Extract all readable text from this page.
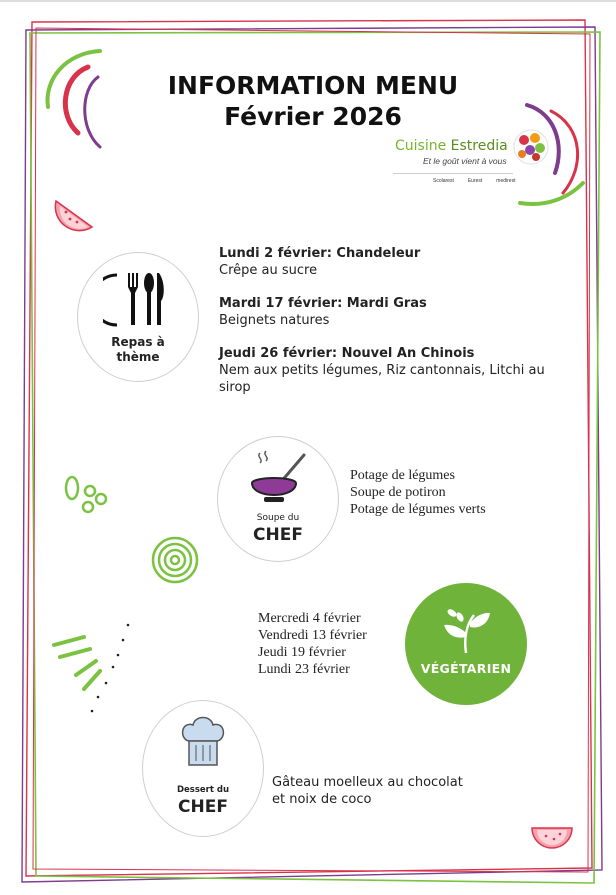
INFORMATION MENU
Février 2026
Cuisine Estredia
Et le goût vient à vous
Scolarest	Eurest	medirest
Repas à thème
Lundi 2 février: Chandeleur
Crêpe au sucre
Mardi 17 février: Mardi Gras
Beignets natures
Jeudi 26 février: Nouvel An Chinois
Nem aux petits légumes, Riz cantonnais, Litchi au sirop
Soupe du
CHEF
Potage de légumes
Soupe de potiron
Potage de légumes verts
Mercredi 4 février
Vendredi 13 février
Jeudi 19 février
Lundi 23 février	VÉGÉTARIEN
Dessert du
CHEF
Gâteau moelleux au chocolat
et noix de coco
